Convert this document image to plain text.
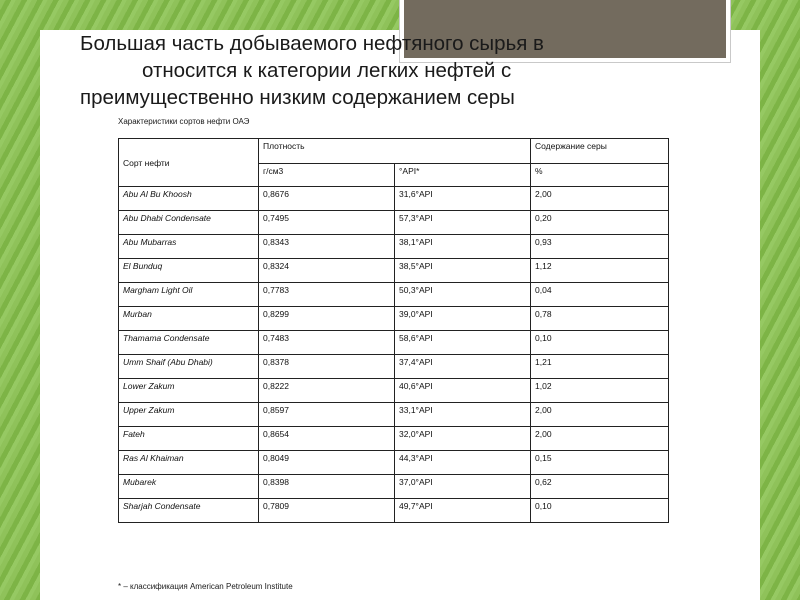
Большая часть добываемого нефтяного сырья в
относится к категории легких нефтей с
преимущественно низким содержанием серы
Характеристики сортов нефти ОАЭ
Сорт нефти	Плотность		Содержание серы
	г/см3	°API*	%
Abu Al Bu Khoosh	0,8676	31,6°API	2,00
Abu Dhabi Condensate	0,7495	57,3°API	0,20
Abu Mubarras	0,8343	38,1°API	0,93
El Bunduq	0,8324	38,5°API	1,12
Margham Light Oil	0,7783	50,3°API	0,04
Murban	0,8299	39,0°API	0,78
Thamama Condensate	0,7483	58,6°API	0,10
Umm Shaif (Abu Dhabi)	0,8378	37,4°API	1,21
Lower Zakum	0,8222	40,6°API	1,02
Upper Zakum	0,8597	33,1°API	2,00
Fateh	0,8654	32,0°API	2,00
Ras Al Khaiman	0,8049	44,3°API	0,15
Mubarek	0,8398	37,0°API	0,62
Sharjah Condensate	0,7809	49,7°API	0,10
* – классификация American Petroleum Institute
